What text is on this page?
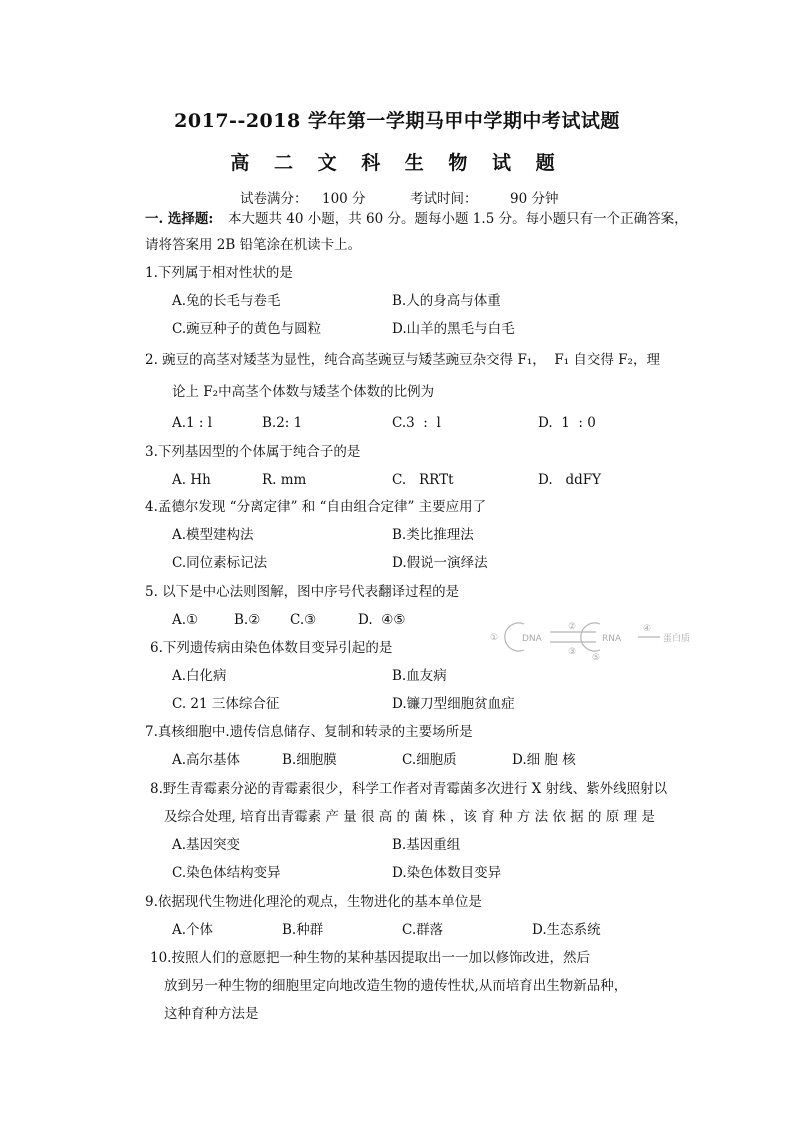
2017--2018 学年第一学期马甲中学期中考试试题
高 二 文 科 生 物 试 题
试卷满分： 100 分	考试时间： 90 分钟
一. 选择题: 本大题共 40 小题，共 60 分。题每小题 1.5 分。每小题只有一个正确答案，
请将答案用 2B 铅笔涂在机读卡上。
1.下列属于相对性状的是
A.兔的长毛与卷毛	B.人的身高与体重
C.豌豆种子的黄色与圆粒	D.山羊的黑毛与白毛
2. 豌豆的高茎对矮茎为显性，纯合高茎豌豆与矮茎豌豆杂交得 F₁，  F₁ 自交得 F₂，理
论上 F₂中高茎个体数与矮茎个体数的比例为
A.1 : l	B.2: 1	C.3  :  l	D.  1  : 0
3.下列基因型的个体属于纯合子的是
A. Hh	R. mm	C.   RRTt	D.   ddFY
4.孟德尔发现 “分离定律” 和 “自由组合定律” 主要应用了
A.模型建构法	B.类比推理法
C.同位素标记法	D.假说一演绎法
5. 以下是中心法则图解，图中序号代表翻译过程的是
A.①	B.② C.③	D.  ④⑤
①	DNA
②
③
RNA
④
⑤
蛋白质
6.下列遗传病由染色体数目变异引起的是
A.白化病	B.血友病
C. 21 三体综合征	D.镰刀型细胞贫血症
7.真核细胞中.遗传信息储存、复制和转录的主要场所是
A.高尔基体	B.细胞膜	C.细胞质	D.细 胞 核
8.野生青霉素分泌的青霉素很少，科学工作者对青霉菌多次进行 X 射线、紫外线照射以
及综合处理, 培育出青霉素 产 量 很 高 的 菌 株 ，该 育 种 方 法 依 据 的 原 理 是
A.基因突变	B.基因重组
C.染色体结构变异	D.染色体数目变异
9.依据现代生物进化理沦的观点，生物进化的基本单位是
A.个体	B.种群	C.群落	D.生态系统
10.按照人们的意愿把一种生物的某种基因提取出一一加以修饰改进，然后
放到另一种生物的细胞里定向地改造生物的遗传性状,从而培育出生物新品种，
这种育种方法是
